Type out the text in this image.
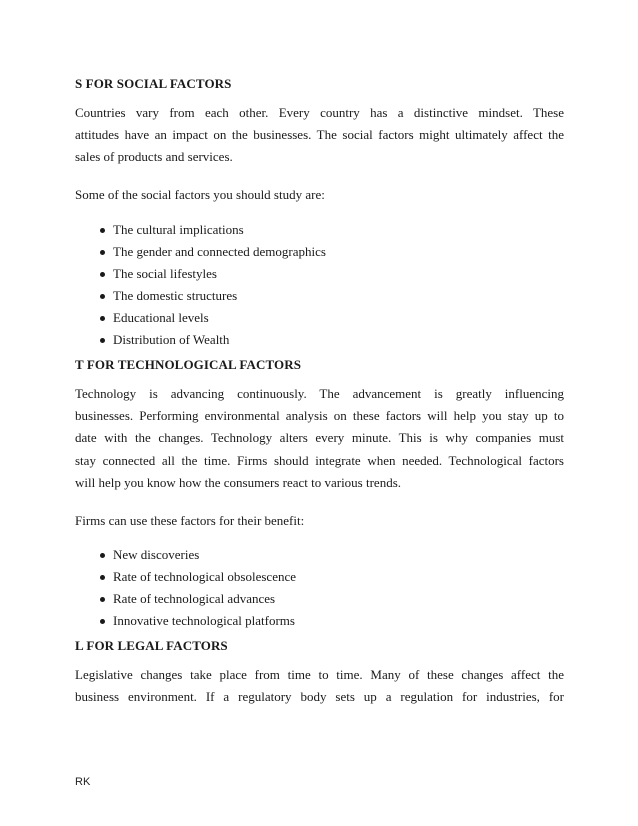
S FOR SOCIAL FACTORS
Countries vary from each other. Every country has a distinctive mindset. These
attitudes have an impact on the businesses. The social factors might ultimately affect the
sales of products and services.
Some of the social factors you should study are:
The cultural implications
The gender and connected demographics
The social lifestyles
The domestic structures
Educational levels
Distribution of Wealth
T FOR TECHNOLOGICAL FACTORS
Technology is advancing continuously. The advancement is greatly influencing
businesses. Performing environmental analysis on these factors will help you stay up to
date with the changes. Technology alters every minute. This is why companies must
stay connected all the time. Firms should integrate when needed. Technological factors
will help you know how the consumers react to various trends.
Firms can use these factors for their benefit:
New discoveries
Rate of technological obsolescence
Rate of technological advances
Innovative technological platforms
L FOR LEGAL FACTORS
Legislative changes take place from time to time. Many of these changes affect the
business environment. If a regulatory body sets up a regulation for industries, for
RK
